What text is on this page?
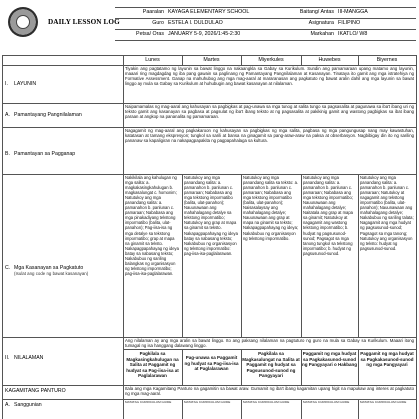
DAILY LESSON LOG
Paaralan KAYAGA ELEMENTARY SCHOOL	Baitang/ Antas III-MANGGA
Guro ESTELA I. DULDULAO	Asignatura FILIPINO
Petsa/ Oras JANUARY 5-9, 2026/1:45-2:30	Markahan IKATLO/ W8
Lunes	Martes	Miyerkules	Huwebes	Biyernes
I. LAYUNIN
Tiyakin ang pagtatamo ng layunin sa bawat linggo na nakaangkla sa Gabay sa Kurikulum. Sundin ang pamamaraan upang matamo ang layunin, maaari ring magdagdag ng iba pang gawain sa paglinang ng Pamantayang Pangnilalaman at Kasanayan. Tinataya ito gamit ang mga istratehiya ng Formative Assessment. Ganap na mahuhubog ang mga mag-aaral at mararanasan ang pagkatuto ng bawat aralin dahil ang mga layunin sa bawat linggo ay mula sa Gabay sa Kurikulum at huhubugin ang bawat kasanayan at nilalaman.
A. Pamantayang Pangnilalaman
Naipamamalas ng mag-aaral ang kahusayan sa pagbigkas at pag-unawa sa mga tunog at salita tungo sa pagsasalita at pagunawa sa iba't ibang uri ng teksto gamit ang kasanayan sa pagbasa at pagsulat ng iba't ibang teksto at ng pagsasalita at pakikinig gamit ang wastong pagbigkas sa ibat ibang paraan at angkop na pananalita ng pamamaraan.
B. Pamantayan sa Pagganap
Nagagamit ng mag-aaral ang pagkakaroon ng kahusayan sa pagbigkas ng mga salita, pagbasa ng mga pangungusap nang may kawastuhan, katatasan at tamang ekspresyon; tungkol sa sarili at bansa na ginagamit sa pang-araw-araw na paksa at obserbasyon. Nagbibigay din ito ng sariling pananaw sa kapaligiran na nakapagpapakita ng pagpapahalaga sa kultura.
C. Mga Kasanayan sa Pagkatuto
(Isulat ang code ng bawat kasanayan)
Nakikilala ang kahulugan ng mga salita: a. magkakasingkahulugan b. magkasalungat c. homonim; Natutukoy ang mga panandang salita: a. pamanahon b. panlunan c. pamaraan; Nababasa ang mga pinakadiyang tekstong impormatibo (balita, ulat-panahon); Pag-iisa-isa ng mga detalye sa tekstong impormatibo; grap at mapa na ginamit sa teksto. Nakapagpapahayag ng ideya batay sa nabasang teksto; Nakabubuo ng sariling balangkas ng organisasyon ng tekstong impormatibo; pag-iisa-isa-paglalarawan.
Natutukoy ang mga panandang salita: a. pamanahon b. panlunan c. pamaraan; Nababasa ang mga tekstong impormatibo (balita, ulat-panahon); Nauunawaan ang mahahalagang detalye sa tekstong impormatibo; Natutukoy ang grap at mapa sa ginamit sa teksto. Nakapagpapahayag ng ideya batay sa nabasang teksto; Nakabubuo ng organisasyon ng tekstong impormatibo: pag-iisa-isa-paglalarawan.
Natutukoy ang mga panandang salita sa teksto: a. pamanahon b. panlunan c. pamaraan; Nababasa ang mga tekstong impormatibo (balita, ulat-panahon); Naisasalaysay ang mahahalagang detalye; Nauunawaan ang grap at mapa na ginamit sa teksto; Nakapagpapahayag ng ideya; Nakabubuo ng organisasyon ng tekstong impormatibo.
Natutukoy ang mga panandang salita: a. pamanahon b. panlunan c. pamaraan; Nababasa ang mga tekstong impormatibo; Nauunawaan ang mahahalagang detalye; Naitatala ang grap at mapa sa ginamit; Natutukoy at nagagamit ang wastong tekstong impormatibo; b. hudyat ng pagsusunod-sunod; Pagsagot sa mga tanong tungkol sa tekstong impormatibo; b. hudyat ng pagsusunod-sunod.
Natutukoy ang mga panandang salita: a. pamanahon b. panlunan c. pamaraan; Natutukoy at nagagamit ang tekstong impormatibo (balita, ulat-panahon); Nauunawaan ang mahahalagang detalye; Nakabubuo ng sariling talata; Nagagamit ang mga hudyat ng pagsusunod-sunod; Pagsagot sa mga tanong; Natutukoy ang organisasyon ng teksto: hudyat ng pagsusunod-sunod.
II. NILALAMAN
Ang nilalaman ay ang mga aralin sa bawat linggo. Ito ang paksang nilalaman na pagtuturo ng guro na mula sa Gabay sa Kurikulum. Maaari itong tumagal ng isa hanggang dalawang linggo.
Pagkilala sa Magkasingkahulugan na Salita at Paggamit ng hudyat sa Pag-iisa-isa at Paglalarawan
Pag-unawa sa Paggamit ng hudyat sa Pag-iisa-isa at Paglalarawan
Pagkilala sa Magkasalungat na Salita at Paggamit ng hudyat sa Pagsusunod-sunod ng Pangyayari
Paggamit ng mga hudyat sa Pagkakasunod-sunod ng Pangyayari o Hakbang
Paggamit ng mga hudyat sa Pagkakasunod-sunod ng mga Pangyayari
KAGAMITANG PANTURO	Itala ang mga Kagamitang Panturo na gagamitin sa bawat araw. Gumamit ng iba't ibang kagamitan upang higit na mapukaw ang interes at pagkatuto ng mga mag-aaral.
A. Sanggunian	MATATAG CURRICULUM GUIDE	MATATAG CURRICULUM GUIDE	MATATAG CURRICULUM GUIDE	MATATAG CURRICULUM GUIDE	MATATAG CURRICULUM GUIDE
